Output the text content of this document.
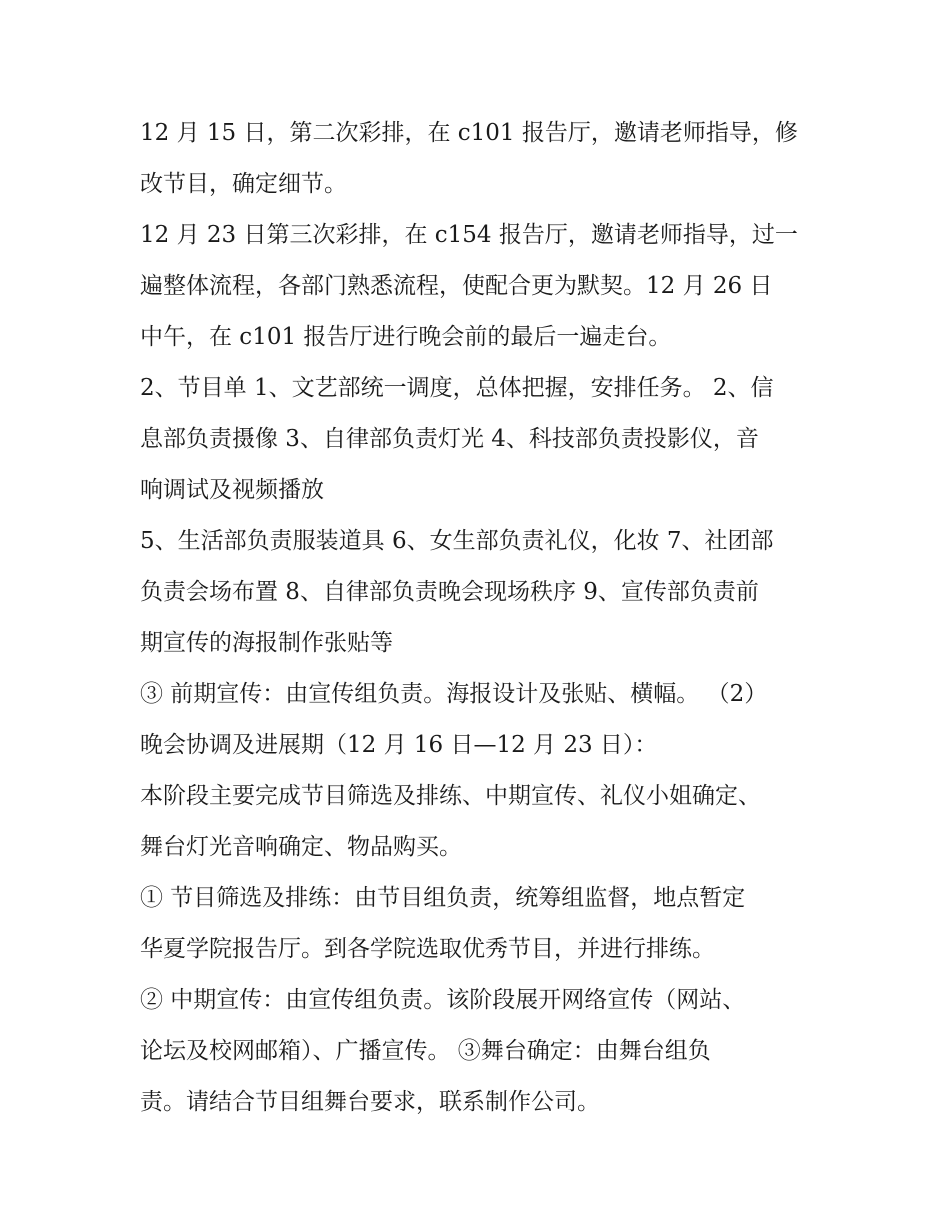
12 月 15 日，第二次彩排，在 c101 报告厅，邀请老师指导，修

改节目，确定细节。

12 月 23 日第三次彩排，在 c154 报告厅，邀请老师指导，过一

遍整体流程，各部门熟悉流程，使配合更为默契。12 月 26 日

中午，在 c101 报告厅进行晚会前的最后一遍走台。

2、节目单 1、文艺部统一调度，总体把握，安排任务。 2、信

息部负责摄像 3、自律部负责灯光 4、科技部负责投影仪，音

响调试及视频播放

5、生活部负责服装道具 6、女生部负责礼仪，化妆 7、社团部

负责会场布置 8、自律部负责晚会现场秩序 9、宣传部负责前

期宣传的海报制作张贴等

③ 前期宣传：由宣传组负责。海报设计及张贴、横幅。 （2）

晚会协调及进展期（12 月 16 日—12 月 23 日）：

本阶段主要完成节目筛选及排练、中期宣传、礼仪小姐确定、

舞台灯光音响确定、物品购买。

① 节目筛选及排练：由节目组负责，统筹组监督，地点暂定

华夏学院报告厅。到各学院选取优秀节目，并进行排练。

② 中期宣传：由宣传组负责。该阶段展开网络宣传（网站、

论坛及校网邮箱）、广播宣传。 ③舞台确定：由舞台组负

责。请结合节目组舞台要求，联系制作公司。
